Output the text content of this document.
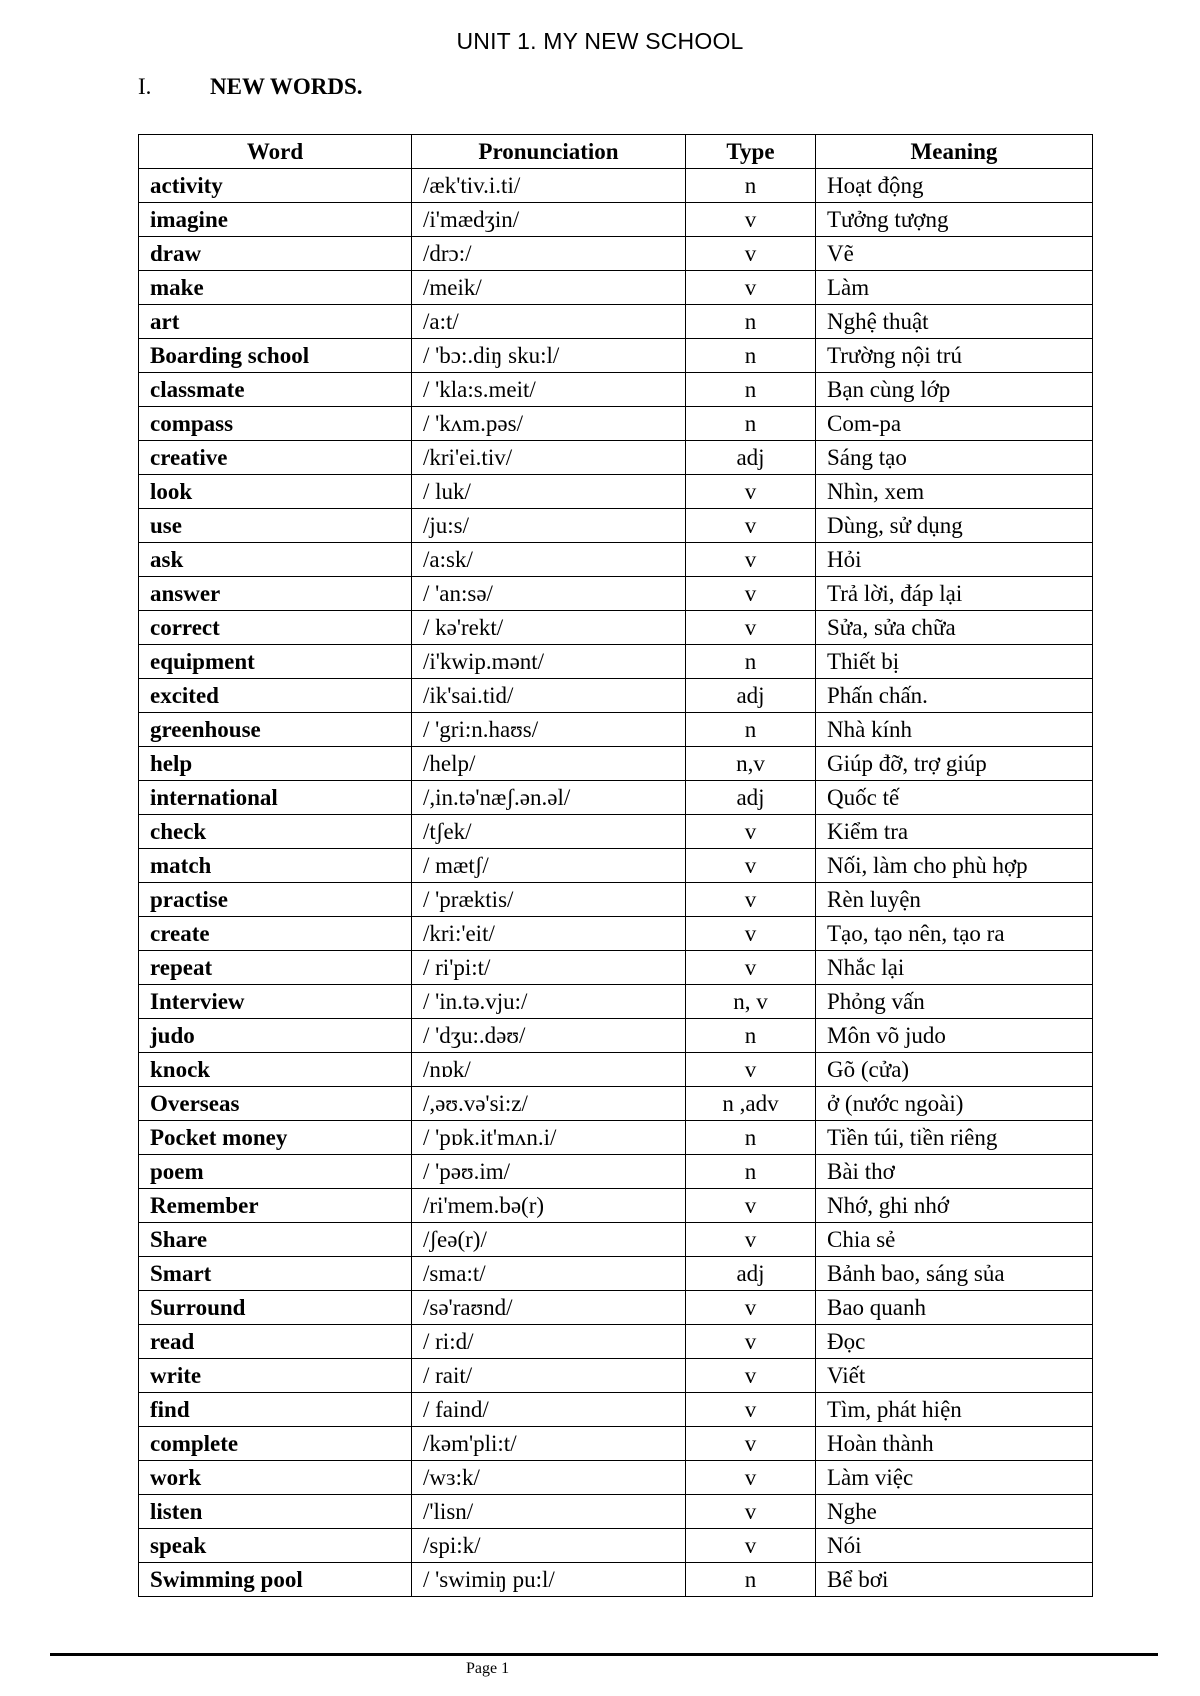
UNIT 1. MY NEW SCHOOL
I.	NEW WORDS.
Word	Pronunciation	Type	Meaning
activity	/æk'tiv.i.ti/	n	Hoạt động
imagine	/i'mædʒin/	v	Tưởng tượng
draw	/drɔ:/	v	Vẽ
make	/meik/	v	Làm
art	/a:t/	n	Nghệ thuật
Boarding school	/ 'bɔ:.diŋ sku:l/	n	Trường nội trú
classmate	/ 'kla:s.meit/	n	Bạn cùng lớp
compass	/ 'kʌm.pəs/	n	Com-pa
creative	/kri'ei.tiv/	adj	Sáng tạo
look	/ luk/	v	Nhìn, xem
use	/ju:s/	v	Dùng, sử dụng
ask	/a:sk/	v	Hỏi
answer	/ 'an:sə/	v	Trả lời, đáp lại
correct	/ kə'rekt/	v	Sửa, sửa chữa
equipment	/i'kwip.mənt/	n	Thiết bị
excited	/ik'sai.tid/	adj	Phấn chấn.
greenhouse	/ 'gri:n.haʊs/	n	Nhà kính
help	/help/	n,v	Giúp đỡ, trợ giúp
international	/,in.tə'næʃ.ən.əl/	adj	Quốc tế
check	/tʃek/	v	Kiểm tra
match	/ mætʃ/	v	Nối, làm cho phù hợp
practise	/ 'præktis/	v	Rèn luyện
create	/kri:'eit/	v	Tạo, tạo nên, tạo ra
repeat	/ ri'pi:t/	v	Nhắc lại
Interview	/ 'in.tə.vju:/	n, v	Phỏng vấn
judo	/ 'dʒu:.dəʊ/	n	Môn võ judo
knock	/nɒk/	v	Gõ (cửa)
Overseas	/,əʊ.və'si:z/	n ,adv	ở (nước ngoài)
Pocket money	/ 'pɒk.it'mʌn.i/	n	Tiền túi, tiền riêng
poem	/ 'pəʊ.im/	n	Bài thơ
Remember	/ri'mem.bə(r)	v	Nhớ, ghi nhớ
Share	/ʃeə(r)/	v	Chia sẻ
Smart	/sma:t/	adj	Bảnh bao, sáng sủa
Surround	/sə'raʊnd/	v	Bao quanh
read	/ ri:d/	v	Đọc
write	/ rait/	v	Viết
find	/ faind/	v	Tìm, phát hiện
complete	/kəm'pli:t/	v	Hoàn thành
work	/wɜ:k/	v	Làm việc
listen	/'lisn/	v	Nghe
speak	/spi:k/	v	Nói
Swimming pool	/ 'swimiŋ pu:l/	n	Bể bơi
Page 1
